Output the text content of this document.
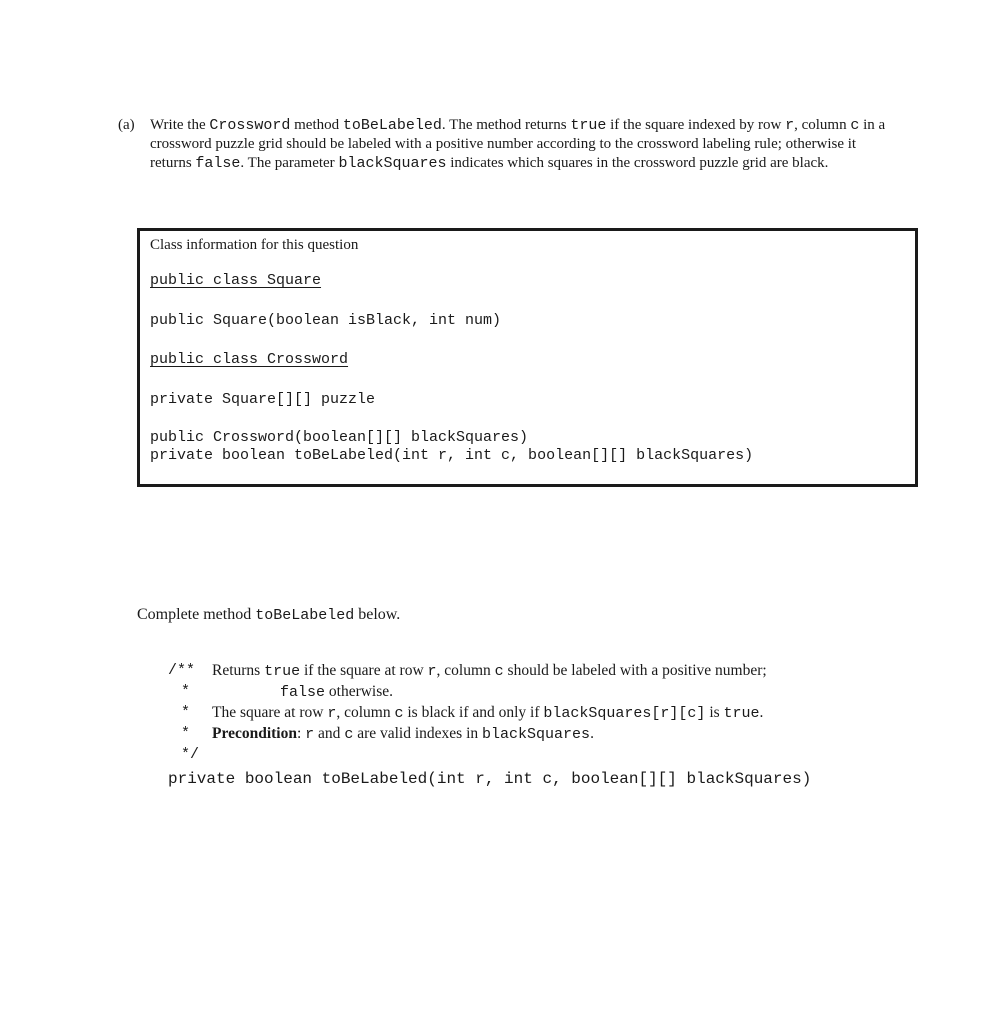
(a) Write the Crossword method toBeLabeled. The method returns true if the square indexed by row r, column c in a crossword puzzle grid should be labeled with a positive number according to the crossword labeling rule; otherwise it returns false. The parameter blackSquares indicates which squares in the crossword puzzle grid are black.
Class information for this question
public class Square
public Square(boolean isBlack, int num)
public class Crossword
private Square[][] puzzle
public Crossword(boolean[][] blackSquares)
private boolean toBeLabeled(int r, int c, boolean[][] blackSquares)
Complete method toBeLabeled below.
/** Returns true if the square at row r, column c should be labeled with a positive number;
*	false otherwise.
* The square at row r, column c is black if and only if blackSquares[r][c] is true.
* Precondition: r and c are valid indexes in blackSquares.
*/
private boolean toBeLabeled(int r, int c, boolean[][] blackSquares)
